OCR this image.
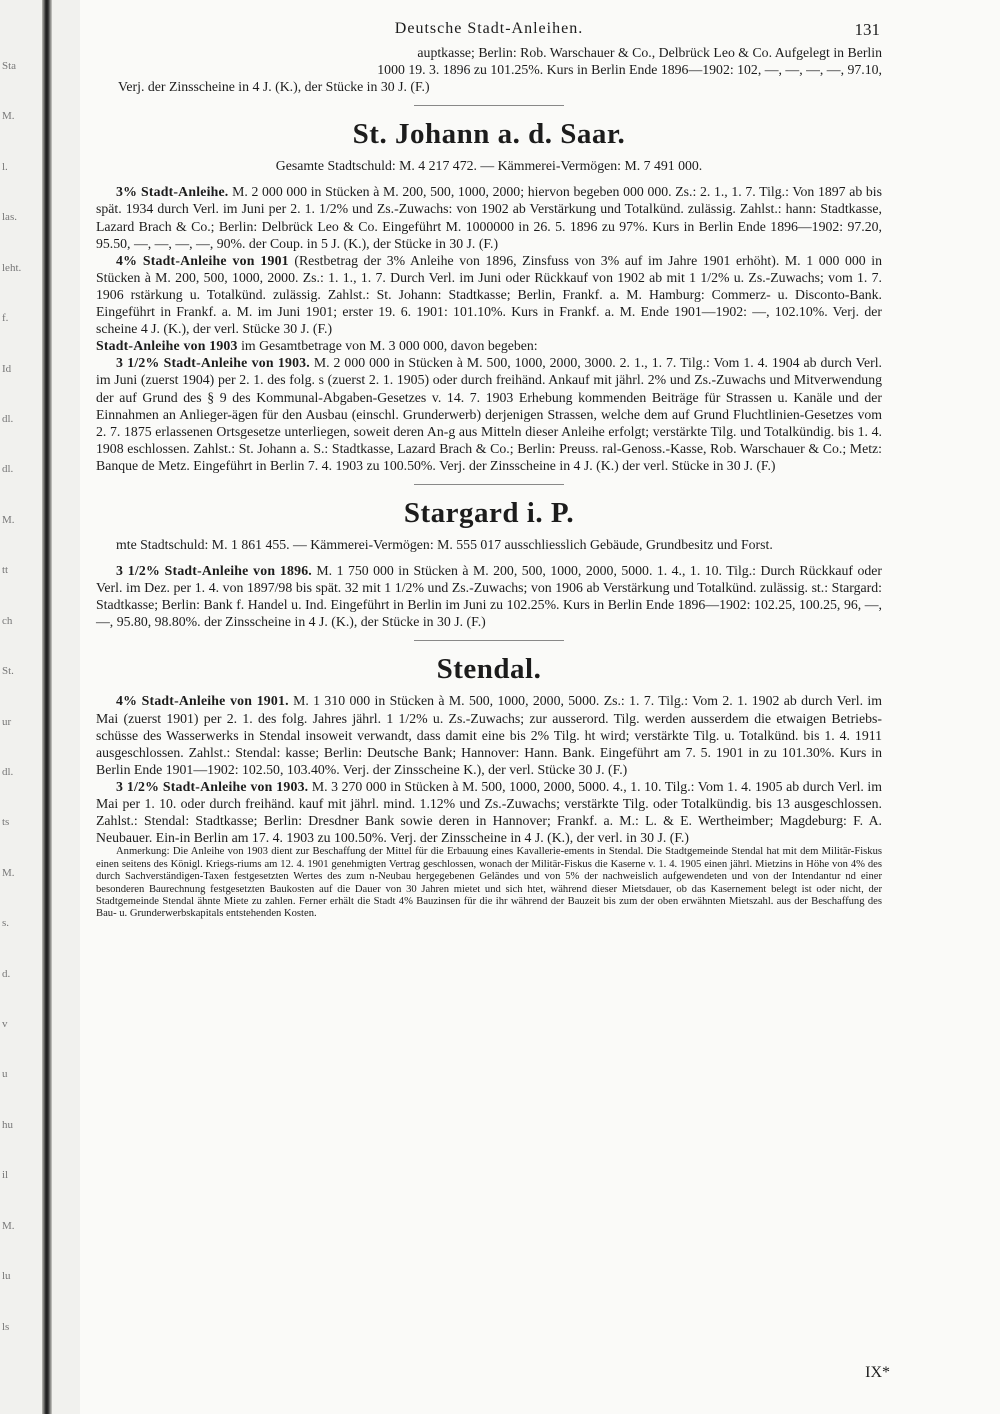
Sta
M.
l.
las.
leht.
f.
Id
dl.
dl.
M.
tt
ch
St.
ur
dl.
ts
M.
s.
d.
v
u
hu
il
M.
lu
ls
Deutsche Stadt-Anleihen.	131

auptkasse; Berlin: Rob. Warschauer & Co., Delbrück Leo & Co. Aufgelegt in Berlin

1000 19. 3. 1896 zu 101.25%. Kurs in Berlin Ende 1896—1902: 102, —, —, —, —, 97.10,

Verj. der Zinsscheine in 4 J. (K.), der Stücke in 30 J. (F.)

St. Johann a. d. Saar.

Gesamte Stadtschuld: M. 4 217 472. — Kämmerei-Vermögen: M. 7 491 000.

3% Stadt-Anleihe. M. 2 000 000 in Stücken à M. 200, 500, 1000, 2000; hiervon begeben 000 000. Zs.: 2. 1., 1. 7. Tilg.: Von 1897 ab bis spät. 1934 durch Verl. im Juni per 2. 1. 1/2% und Zs.-Zuwachs: von 1902 ab Verstärkung und Totalkünd. zulässig. Zahlst.: hann: Stadtkasse, Lazard Brach & Co.; Berlin: Delbrück Leo & Co. Eingeführt M. 1000000 in 26. 5. 1896 zu 97%. Kurs in Berlin Ende 1896—1902: 97.20, 95.50, —, —, —, —, 90%. der Coup. in 5 J. (K.), der Stücke in 30 J. (F.)

4% Stadt-Anleihe von 1901 (Restbetrag der 3% Anleihe von 1896, Zinsfuss von 3% auf im Jahre 1901 erhöht). M. 1 000 000 in Stücken à M. 200, 500, 1000, 2000. Zs.: 1. 1., 1. 7. Durch Verl. im Juni oder Rückkauf von 1902 ab mit 1 1/2% u. Zs.-Zuwachs; vom 1. 7. 1906 rstärkung u. Totalkünd. zulässig. Zahlst.: St. Johann: Stadtkasse; Berlin, Frankf. a. M. Hamburg: Commerz- u. Disconto-Bank. Eingeführt in Frankf. a. M. im Juni 1901; erster 19. 6. 1901: 101.10%. Kurs in Frankf. a. M. Ende 1901—1902: —, 102.10%. Verj. der scheine 4 J. (K.), der verl. Stücke 30 J. (F.)

Stadt-Anleihe von 1903 im Gesamtbetrage von M. 3 000 000, davon begeben:

3 1/2% Stadt-Anleihe von 1903. M. 2 000 000 in Stücken à M. 500, 1000, 2000, 3000. 2. 1., 1. 7. Tilg.: Vom 1. 4. 1904 ab durch Verl. im Juni (zuerst 1904) per 2. 1. des folg. s (zuerst 2. 1. 1905) oder durch freihänd. Ankauf mit jährl. 2% und Zs.-Zuwachs und Mitverwendung der auf Grund des § 9 des Kommunal-Abgaben-Gesetzes v. 14. 7. 1903 Erhebung kommenden Beiträge für Strassen u. Kanäle und der Einnahmen an Anlieger-ägen für den Ausbau (einschl. Grunderwerb) derjenigen Strassen, welche dem auf Grund Fluchtlinien-Gesetzes vom 2. 7. 1875 erlassenen Ortsgesetze unterliegen, soweit deren An-g aus Mitteln dieser Anleihe erfolgt; verstärkte Tilg. und Totalkündig. bis 1. 4. 1908 eschlossen. Zahlst.: St. Johann a. S.: Stadtkasse, Lazard Brach & Co.; Berlin: Preuss. ral-Genoss.-Kasse, Rob. Warschauer & Co.; Metz: Banque de Metz. Eingeführt in Berlin 7. 4. 1903 zu 100.50%. Verj. der Zinsscheine in 4 J. (K.) der verl. Stücke in 30 J. (F.)

Stargard i. P.

mte Stadtschuld: M. 1 861 455. — Kämmerei-Vermögen: M. 555 017 ausschliesslich Gebäude, Grundbesitz und Forst.

3 1/2% Stadt-Anleihe von 1896. M. 1 750 000 in Stücken à M. 200, 500, 1000, 2000, 5000. 1. 4., 1. 10. Tilg.: Durch Rückkauf oder Verl. im Dez. per 1. 4. von 1897/98 bis spät. 32 mit 1 1/2% und Zs.-Zuwachs; von 1906 ab Verstärkung und Totalkünd. zulässig. st.: Stargard: Stadtkasse; Berlin: Bank f. Handel u. Ind. Eingeführt in Berlin im Juni zu 102.25%. Kurs in Berlin Ende 1896—1902: 102.25, 100.25, 96, —, —, 95.80, 98.80%. der Zinsscheine in 4 J. (K.), der Stücke in 30 J. (F.)

Stendal.

4% Stadt-Anleihe von 1901. M. 1 310 000 in Stücken à M. 500, 1000, 2000, 5000. Zs.: 1. 7. Tilg.: Vom 2. 1. 1902 ab durch Verl. im Mai (zuerst 1901) per 2. 1. des folg. Jahres jährl. 1 1/2% u. Zs.-Zuwachs; zur ausserord. Tilg. werden ausserdem die etwaigen Betriebs-schüsse des Wasserwerks in Stendal insoweit verwandt, dass damit eine bis 2% Tilg. ht wird; verstärkte Tilg. u. Totalkünd. bis 1. 4. 1911 ausgeschlossen. Zahlst.: Stendal: kasse; Berlin: Deutsche Bank; Hannover: Hann. Bank. Eingeführt am 7. 5. 1901 in zu 101.30%. Kurs in Berlin Ende 1901—1902: 102.50, 103.40%. Verj. der Zinsscheine K.), der verl. Stücke 30 J. (F.)

3 1/2% Stadt-Anleihe von 1903. M. 3 270 000 in Stücken à M. 500, 1000, 2000, 5000. 4., 1. 10. Tilg.: Vom 1. 4. 1905 ab durch Verl. im Mai per 1. 10. oder durch freihänd. kauf mit jährl. mind. 1.12% und Zs.-Zuwachs; verstärkte Tilg. oder Totalkündig. bis 13 ausgeschlossen. Zahlst.: Stendal: Stadtkasse; Berlin: Dresdner Bank sowie deren in Hannover; Frankf. a. M.: L. & E. Wertheimber; Magdeburg: F. A. Neubauer. Ein-in Berlin am 17. 4. 1903 zu 100.50%. Verj. der Zinsscheine in 4 J. (K.), der verl. in 30 J. (F.)

Anmerkung: Die Anleihe von 1903 dient zur Beschaffung der Mittel für die Erbauung eines Kavallerie-ements in Stendal. Die Stadtgemeinde Stendal hat mit dem Militär-Fiskus einen seitens des Königl. Kriegs-riums am 12. 4. 1901 genehmigten Vertrag geschlossen, wonach der Militär-Fiskus die Kaserne v. 1. 4. 1905 einen jährl. Mietzins in Höhe von 4% des durch Sachverständigen-Taxen festgesetzten Wertes des zum n-Neubau hergegebenen Geländes und von 5% der nachweislich aufgewendeten und von der Intendantur nd einer besonderen Baurechnung festgesetzten Baukosten auf die Dauer von 30 Jahren mietet und sich htet, während dieser Mietsdauer, ob das Kasernement belegt ist oder nicht, der Stadtgemeinde Stendal ähnte Miete zu zahlen. Ferner erhält die Stadt 4% Bauzinsen für die ihr während der Bauzeit bis zum der oben erwähnten Mietszahl. aus der Beschaffung des Bau- u. Grunderwerbskapitals entstehenden Kosten.

IX*
